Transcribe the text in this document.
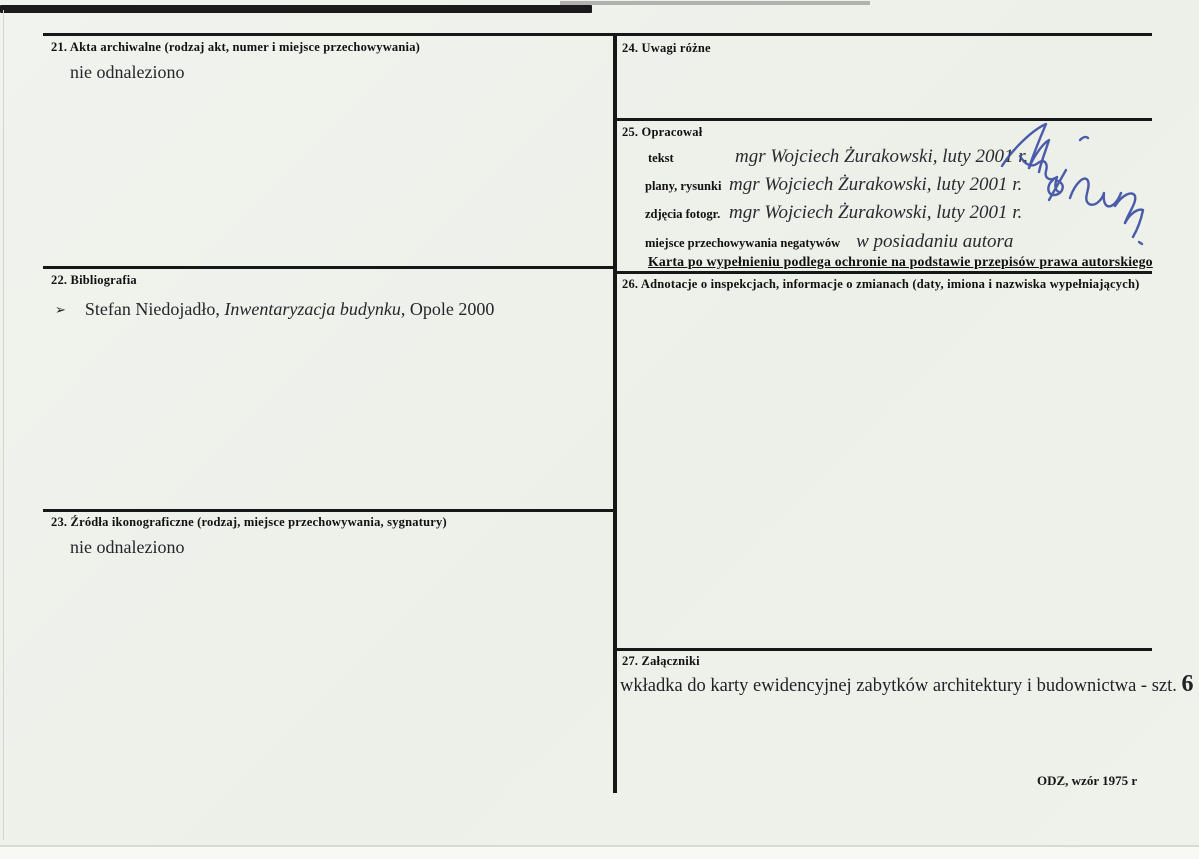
21. Akta archiwalne (rodzaj akt, numer i miejsce przechowywania)
nie odnaleziono
22. Bibliografia
➢ Stefan Niedojadło, Inwentaryzacja budynku, Opole 2000
23. Źródła ikonograficzne (rodzaj, miejsce przechowywania, sygnatury)
nie odnaleziono
24. Uwagi różne
25. Opracował
tekst	mgr Wojciech Żurakowski, luty 2001 r.
plany, rysunki mgr Wojciech Żurakowski, luty 2001 r.
zdjęcia fotogr. mgr Wojciech Żurakowski, luty 2001 r.
miejsce przechowywania negatywów w posiadaniu autora
Karta po wypełnieniu podlega ochronie na podstawie przepisów prawa autorskiego
26. Adnotacje o inspekcjach, informacje o zmianach (daty, imiona i nazwiska wypełniających)
27. Załączniki
wkładka do karty ewidencyjnej zabytków architektury i budownictwa - szt. 6
ODZ, wzór 1975 r
